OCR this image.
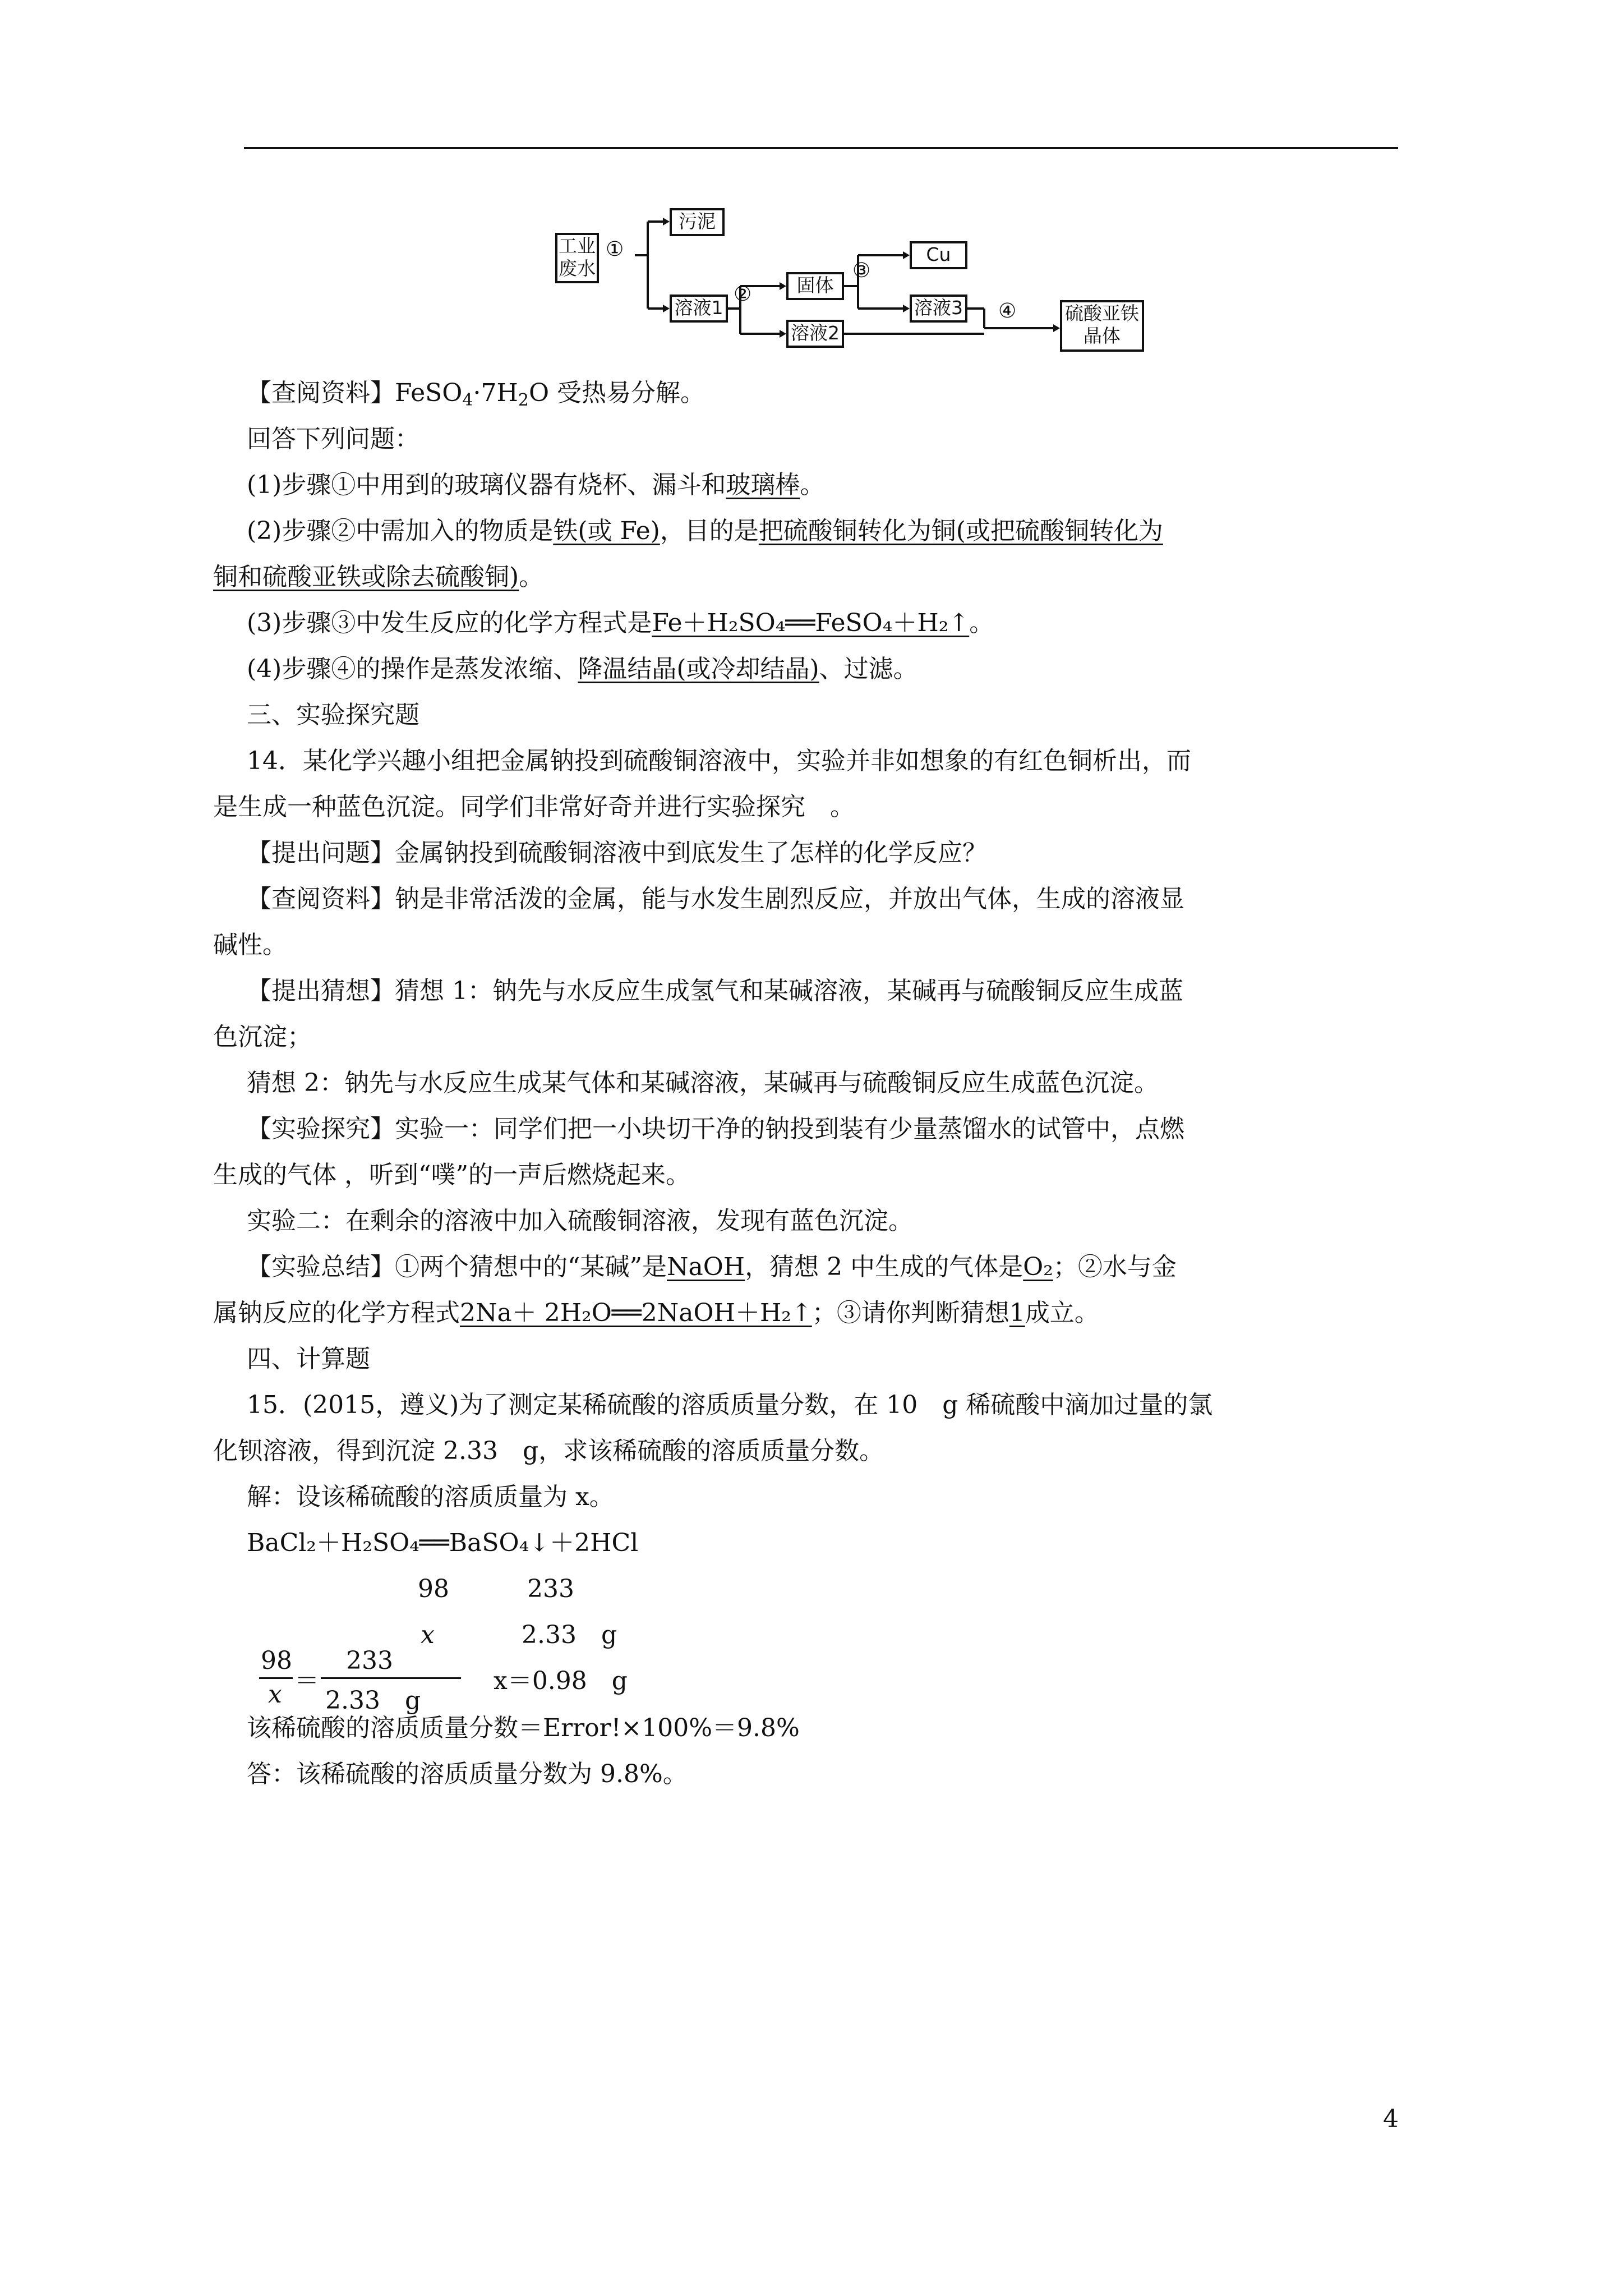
工业
废水
①
污泥
溶液1
②	固体
③
Cu
溶液3
溶液2
④	硫酸亚铁
晶体
【查阅资料】$FeSO_4\cdot 7H_2O$ 受热易分解。
回答下列问题：
(1)步骤①中用到的玻璃仪器有烧杯、漏斗和玻璃棒。
(2)步骤②中需加入的物质是铁(或 Fe)，目的是把硫酸铜转化为铜(或把硫酸铜转化为
铜和硫酸亚铁或除去硫酸铜)。
(3)步骤③中发生反应的化学方程式是Fe＋H₂SO₄══FeSO₄＋H₂↑。
(4)步骤④的操作是蒸发浓缩、降温结晶(或冷却结晶)、过滤。
三、实验探究题
14．某化学兴趣小组把金属钠投到硫酸铜溶液中，实验并非如想象的有红色铜析出，而
是生成一种蓝色沉淀。同学们非常好奇并进行实验探究　。
【提出问题】金属钠投到硫酸铜溶液中到底发生了怎样的化学反应？
【查阅资料】钠是非常活泼的金属，能与水发生剧烈反应，并放出气体，生成的溶液显
碱性。
【提出猜想】猜想 1：钠先与水反应生成氢气和某碱溶液，某碱再与硫酸铜反应生成蓝
色沉淀；
猜想 2：钠先与水反应生成某气体和某碱溶液，某碱再与硫酸铜反应生成蓝色沉淀。
【实验探究】实验一：同学们把一小块切干净的钠投到装有少量蒸馏水的试管中，点燃
生成的气体 ，听到“噗”的一声后燃烧起来。
实验二：在剩余的溶液中加入硫酸铜溶液，发现有蓝色沉淀。
【实验总结】①两个猜想中的“某碱”是NaOH，猜想 2 中生成的气体是O₂；②水与金
属钠反应的化学方程式2Na＋ 2H₂O══2NaOH＋H₂↑；③请你判断猜想1成立。
四、计算题
15．(2015，遵义)为了测定某稀硫酸的溶质质量分数，在 10　g 稀硫酸中滴加过量的氯
化钡溶液，得到沉淀 2.33　g，求该稀硫酸的溶质质量分数。
解：设该稀硫酸的溶质质量为 x。
BaCl₂＋H₂SO₄══BaSO₄↓＋2HCl
98	233
x	2.33　g
98
x ＝
233
2.33　g
x＝0.98　g
该稀硫酸的溶质质量分数＝Error!×100%＝9.8%
答：该稀硫酸的溶质质量分数为 9.8%。
4
